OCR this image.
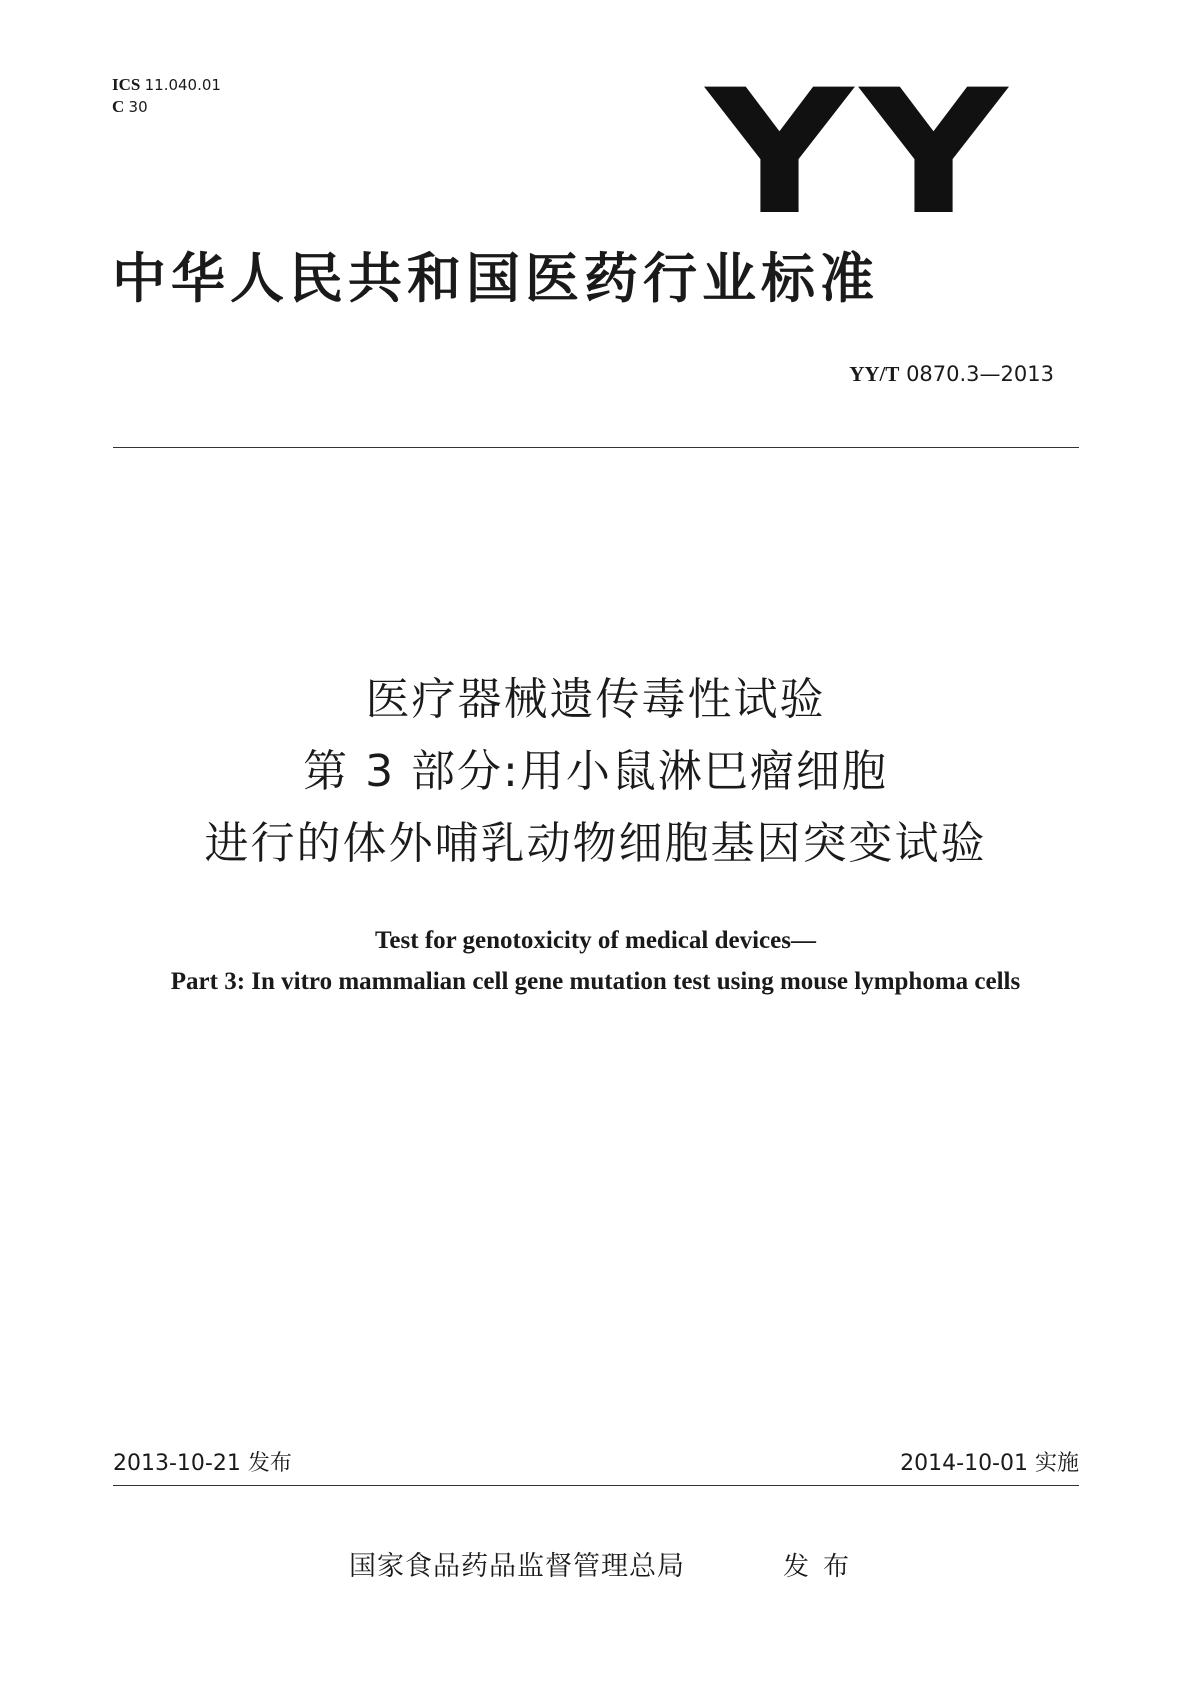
ICS 11.040.01
C 30	YY
中华人民共和国医药行业标准
YY/T 0870.3—2013
医疗器械遗传毒性试验
第 3 部分:用小鼠淋巴瘤细胞
进行的体外哺乳动物细胞基因突变试验
Test for genotoxicity of medical devices—
Part 3: In vitro mammalian cell gene mutation test using mouse lymphoma cells
2013-10-21 发布	2014-10-01 实施
国家食品药品监督管理总局	发布
